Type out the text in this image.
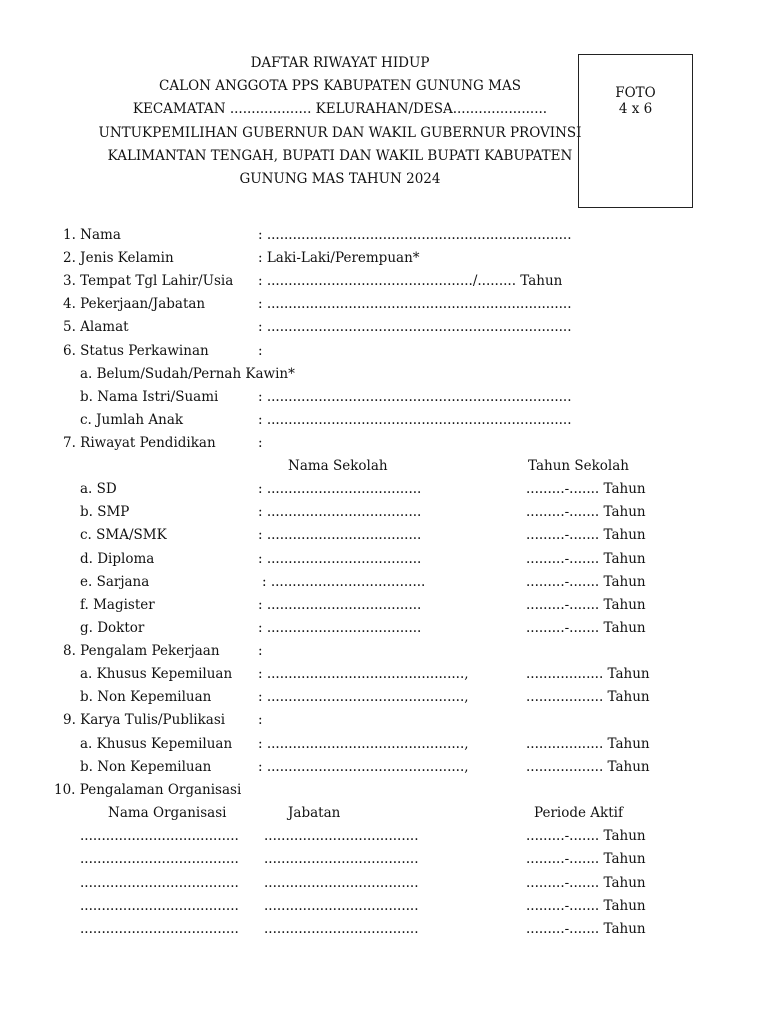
DAFTAR RIWAYAT HIDUP
CALON ANGGOTA PPS KABUPATEN GUNUNG MAS
KECAMATAN ................... KELURAHAN/DESA......................
UNTUKPEMILIHAN GUBERNUR DAN WAKIL GUBERNUR PROVINSI
KALIMANTAN TENGAH, BUPATI DAN WAKIL BUPATI KABUPATEN
GUNUNG MAS TAHUN 2024
FOTO
4 x 6
1. Nama	: .......................................................................
2. Jenis Kelamin	: Laki-Laki/Perempuan*
3. Tempat Tgl Lahir/Usia : ................................................/......... Tahun
4. Pekerjaan/Jabatan	: .......................................................................
5. Alamat	: .......................................................................
6. Status Perkawinan	:
a. Belum/Sudah/Pernah Kawin*
b. Nama Istri/Suami	: .......................................................................
c. Jumlah Anak	: .......................................................................
7. Riwayat Pendidikan	:
Nama Sekolah	Tahun Sekolah
a. SD	: ....................................	.........-....... Tahun
b. SMP	: ....................................	.........-....... Tahun
c. SMA/SMK	: ....................................	.........-....... Tahun
d. Diploma	: ....................................	.........-....... Tahun
e. Sarjana	: ....................................	.........-....... Tahun
f. Magister	: ....................................	.........-....... Tahun
g. Doktor	: ....................................	.........-....... Tahun
8. Pengalam Pekerjaan	:
a. Khusus Kepemiluan : ..............................................,	.................. Tahun
b. Non Kepemiluan	: ..............................................,	.................. Tahun
9. Karya Tulis/Publikasi :
a. Khusus Kepemiluan : ..............................................,	.................. Tahun
b. Non Kepemiluan	: ..............................................,	.................. Tahun
10. Pengalaman Organisasi
Nama Organisasi	Jabatan	Periode Aktif
..................................... ....................................	.........-....... Tahun
..................................... ....................................	.........-....... Tahun
..................................... ....................................	.........-....... Tahun
..................................... ....................................	.........-....... Tahun
..................................... ....................................	.........-....... Tahun
